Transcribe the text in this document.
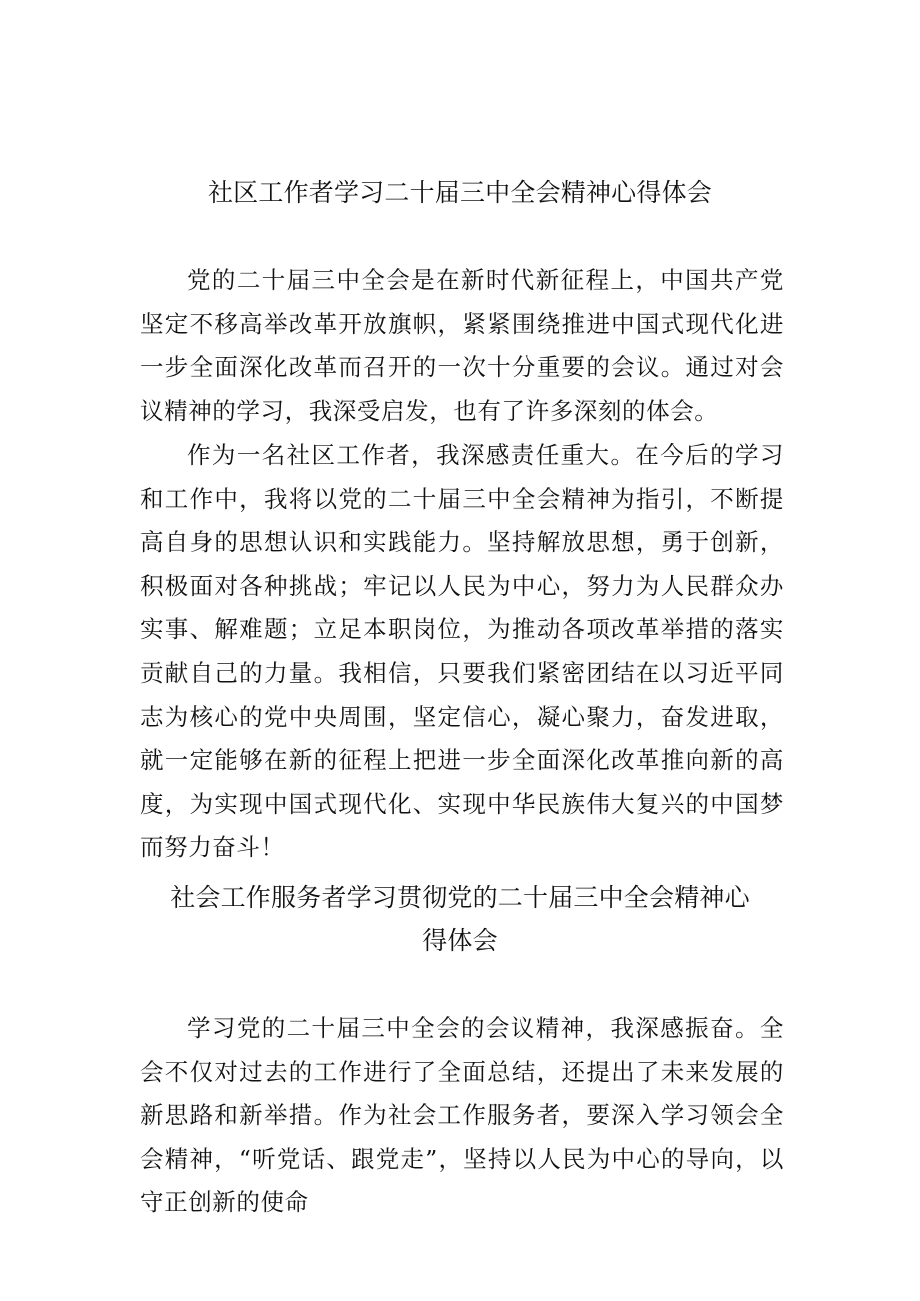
社区工作者学习二十届三中全会精神心得体会

党的二十届三中全会是在新时代新征程上，中国共产党坚定不移高举改革开放旗帜，紧紧围绕推进中国式现代化进一步全面深化改革而召开的一次十分重要的会议。通过对会议精神的学习，我深受启发，也有了许多深刻的体会。

作为一名社区工作者，我深感责任重大。在今后的学习和工作中，我将以党的二十届三中全会精神为指引，不断提高自身的思想认识和实践能力。坚持解放思想，勇于创新，积极面对各种挑战；牢记以人民为中心，努力为人民群众办实事、解难题；立足本职岗位，为推动各项改革举措的落实贡献自己的力量。我相信，只要我们紧密团结在以习近平同志为核心的党中央周围，坚定信心，凝心聚力，奋发进取，就一定能够在新的征程上把进一步全面深化改革推向新的高度，为实现中国式现代化、实现中华民族伟大复兴的中国梦而努力奋斗！

社会工作服务者学习贯彻党的二十届三中全会精神心
得体会

学习党的二十届三中全会的会议精神，我深感振奋。全会不仅对过去的工作进行了全面总结，还提出了未来发展的新思路和新举措。作为社会工作服务者，要深入学习领会全会精神，“听党话、跟党走”，坚持以人民为中心的导向，以守正创新的使命
